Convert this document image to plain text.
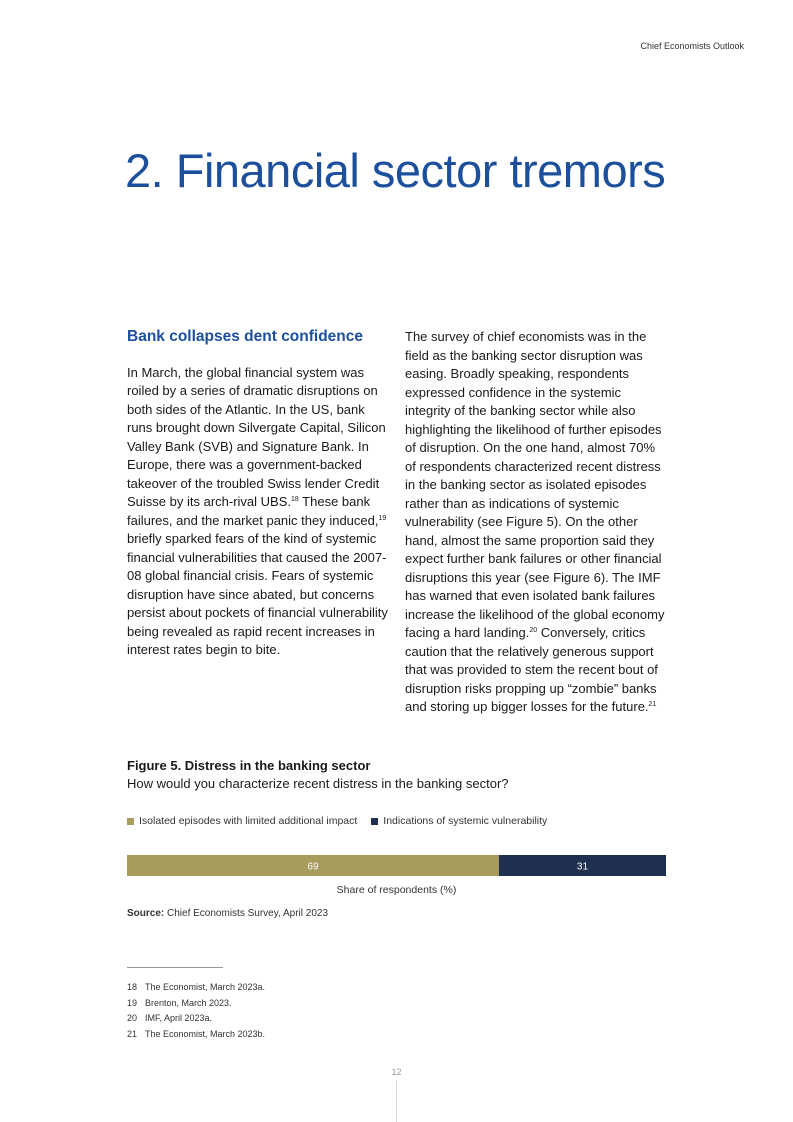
Chief Economists Outlook
2. Financial sector tremors
Bank collapses dent confidence

In March, the global financial system was roiled by a series of dramatic disruptions on both sides of the Atlantic. In the US, bank runs brought down Silvergate Capital, Silicon Valley Bank (SVB) and Signature Bank. In Europe, there was a government-backed takeover of the troubled Swiss lender Credit Suisse by its arch-rival UBS.$^{18}$ These bank failures, and the market panic they induced,$^{19}$ briefly sparked fears of the kind of systemic financial vulnerabilities that caused the 2007-08 global financial crisis. Fears of systemic disruption have since abated, but concerns persist about pockets of financial vulnerability being revealed as rapid recent increases in interest rates begin to bite.

The survey of chief economists was in the field as the banking sector disruption was easing. Broadly speaking, respondents expressed confidence in the systemic integrity of the banking sector while also highlighting the likelihood of further episodes of disruption. On the one hand, almost 70% of respondents characterized recent distress in the banking sector as isolated episodes rather than as indications of systemic vulnerability (see Figure 5). On the other hand, almost the same proportion said they expect further bank failures or other financial disruptions this year (see Figure 6). The IMF has warned that even isolated bank failures increase the likelihood of the global economy facing a hard landing.$^{20}$ Conversely, critics caution that the relatively generous support that was provided to stem the recent bout of disruption risks propping up “zombie” banks and storing up bigger losses for the future.$^{21}$

Figure 5. Distress in the banking sector
How would you characterize recent distress in the banking sector?
Isolated episodes with limited additional impact Indications of systemic vulnerability
69	31
Share of respondents (%)
Source: Chief Economists Survey, April 2023
18 The Economist, March 2023a.
19 Brenton, March 2023.
20 IMF, April 2023a.
21 The Economist, March 2023b.
12
